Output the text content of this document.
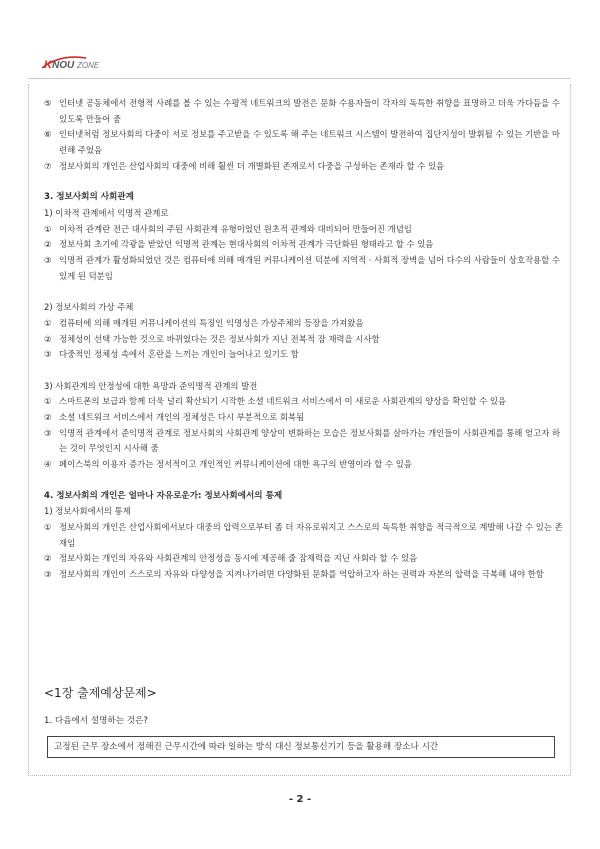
K NOU ZONE
⑤ 인터넷 공동체에서 전형적 사례를 볼 수 있는 수평적 네트워크의 발전은 문화 수용자들이 각자의 독특한 취향을 표명하고 더욱 가다듬을 수 있도록 만들어 줌
⑥ 인터넷처럼 정보사회의 다중이 서로 정보를 주고받을 수 있도록 해 주는 네트워크 시스템이 발전하여 집단지성이 발휘될 수 있는 기반을 마련해 주었음
⑦ 정보사회의 개인은 산업사회의 대중에 비해 훨씬 더 개별화된 존재로서 다중을 구성하는 존재라 할 수 있음
3. 정보사회의 사회관계
1) 이차적 관계에서 익명적 관계로
① 이차적 관계란 전근 대사회의 주된 사회관계 유형이었던 원초적 관계와 대비되어 만들어진 개념임
② 정보사회 초기에 각광을 받았던 익명적 관계는 현대사회의 이차적 관계가 극단화된 형태라고 할 수 있음
③ 익명적 관계가 활성화되었던 것은 컴퓨터에 의해 매개된 커뮤니케이션 덕분에 지역적 · 사회적 장벽을 넘어 다수의 사람들이 상호작용할 수 있게 된 덕분임
2) 정보사회의 가상 주체
① 컴퓨터에 의해 매개된 커뮤니케이션의 특징인 익명성은 가상주체의 등장을 가져왔음
② 정체성이 선택 가능한 것으로 바뀌었다는 것은 정보사회가 지닌 전복적 잠 재력을 시사함
③ 다중적인 정체성 속에서 혼란을 느끼는 개인이 늘어나고 있기도 함
3) 사회관계의 안정성에 대한 욕망과 준익명적 관계의 발전
① 스마트폰의 보급과 함께 더욱 널리 확산되기 시작한 소셜 네트워크 서비스에서 이 새로운 사회관계의 양상을 확인할 수 있음
② 소셜 네트워크 서비스에서 개인의 정체성은 다시 부분적으로 회복됨
③ 익명적 관계에서 준익명적 관계로 정보사회의 사회관계 양상이 변화하는 모습은 정보사회를 살아가는 개인들이 사회관계를 통해 얻고자 하는 것이 무엇인지 시사해 줌
④ 페이스북의 이용자 증가는 정서적이고 개인적인 커뮤니케이션에 대한 욕구의 반영이라 할 수 있음
4. 정보사회의 개인은 얼마나 자유로운가: 정보사회에서의 통제
1) 정보사회에서의 통제
① 정보사회의 개인은 산업사회에서보다 대중의 압력으로부터 좀 더 자유로워지고 스스로의 독특한 취향을 적극적으로 계발해 나갈 수 있는 존재임
② 정보사회는 개인의 자유와 사회관계의 안정성을 동시에 제공해 줄 잠재력을 지닌 사회라 할 수 있음
③ 정보사회의 개인이 스스로의 자유와 다양성을 지켜나가려면 다양화된 문화를 억압하고자 하는 권력과 자본의 압력을 극복해 내야 한함
<1장 출제예상문제>
1. 다음에서 설명하는 것은?
고정된 근무 장소에서 정해진 근무시간에 따라 일하는 방식 대신 정보통신기기 등을 활용해 장소나 시간
- 2 -
